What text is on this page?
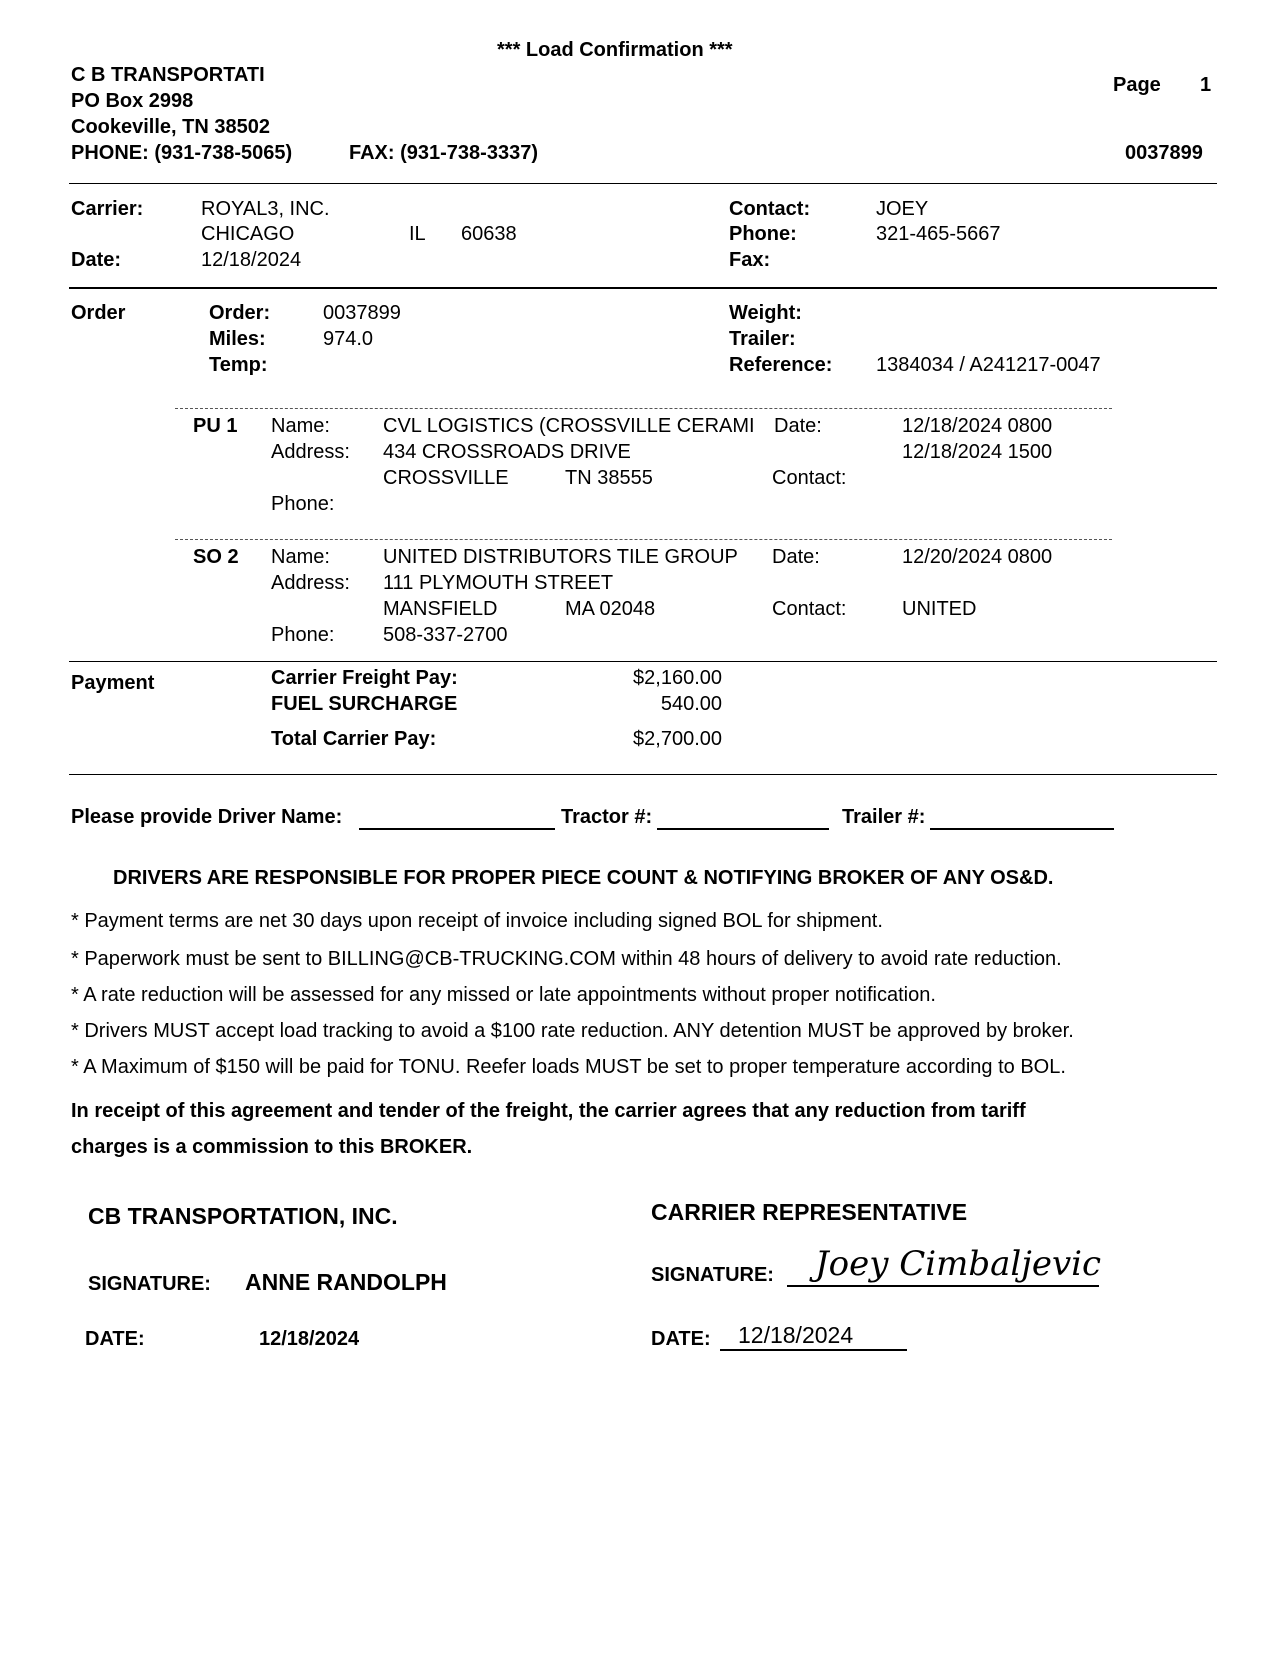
*** Load Confirmation ***
C B TRANSPORTATI
PO Box 2998
Cookeville, TN 38502
PHONE: (931-738-5065)	FAX: (931-738-3337)
Page 1
0037899
Carrier:	ROYAL3, INC.
CHICAGO	IL 60638
Date:	12/18/2024
Contact:	JOEY
Phone:	321-465-5667
Fax:
Order	Order:	0037899
Miles:	974.0
Temp:
Weight:
Trailer:
Reference: 1384034 / A241217-0047
PU 1 Name:	CVL LOGISTICS (CROSSVILLE CERAMI
Address: 434 CROSSROADS DRIVE
CROSSVILLE	TN 38555
Phone:
Date:	12/18/2024 0800
12/18/2024 1500
Contact:
SO 2 Name:	UNITED DISTRIBUTORS TILE GROUP
Address: 111 PLYMOUTH STREET
MANSFIELD	MA 02048
Phone: 508-337-2700
Date:	12/20/2024 0800
Contact:	UNITED
Payment	Carrier Freight Pay:	$2,160.00
FUEL SURCHARGE	540.00
Total Carrier Pay:	$2,700.00
Please provide Driver Name:	Tractor #:	Trailer #:
DRIVERS ARE RESPONSIBLE FOR PROPER PIECE COUNT & NOTIFYING BROKER OF ANY OS&D.
* Payment terms are net 30 days upon receipt of invoice including signed BOL for shipment.
* Paperwork must be sent to BILLING@CB-TRUCKING.COM within 48 hours of delivery to avoid rate reduction.
* A rate reduction will be assessed for any missed or late appointments without proper notification.
* Drivers MUST accept load tracking to avoid a $100 rate reduction. ANY detention MUST be approved by broker.
* A Maximum of $150 will be paid for TONU. Reefer loads MUST be set to proper temperature according to BOL.
In receipt of this agreement and tender of the freight, the carrier agrees that any reduction from tariff
charges is a commission to this BROKER.
CB TRANSPORTATION, INC.
SIGNATURE: ANNE RANDOLPH
DATE:	12/18/2024
CARRIER REPRESENTATIVE
SIGNATURE: Joey Cimbaljevic
DATE: 12/18/2024
